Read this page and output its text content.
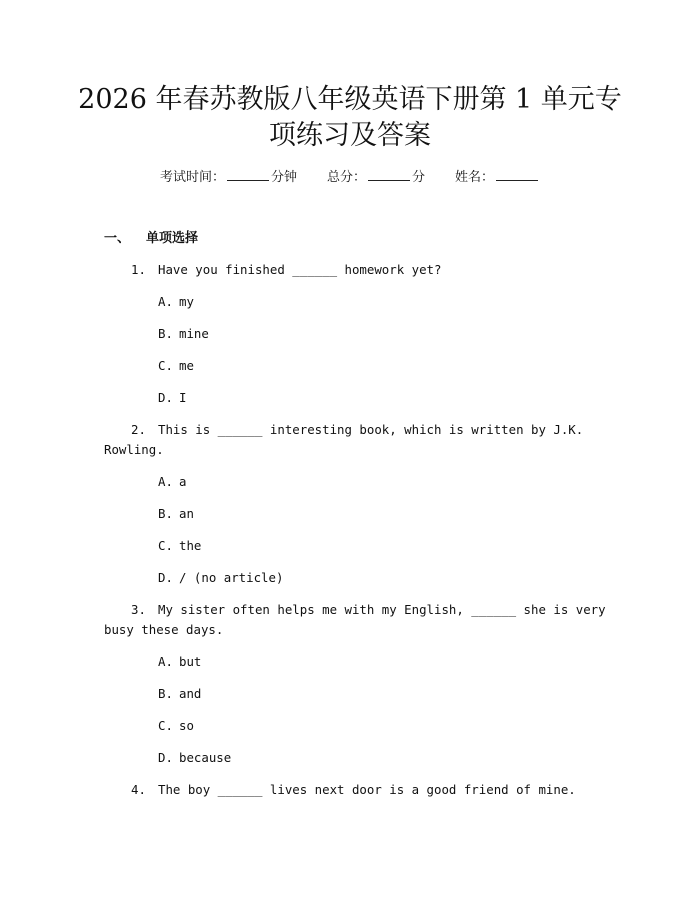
2026 年春苏教版八年级英语下册第 1 单元专
项练习及答案
考试时间：	分钟 总分：	分 姓名：
一、 单项选择
1. Have you finished ______ homework yet?
A. my
B. mine
C. me
D. I
2. This is ______ interesting book, which is written by J.K.
Rowling.
A. a
B. an
C. the
D. / (no article)
3. My sister often helps me with my English, ______ she is very
busy these days.
A. but
B. and
C. so
D. because
4. The boy ______ lives next door is a good friend of mine.
